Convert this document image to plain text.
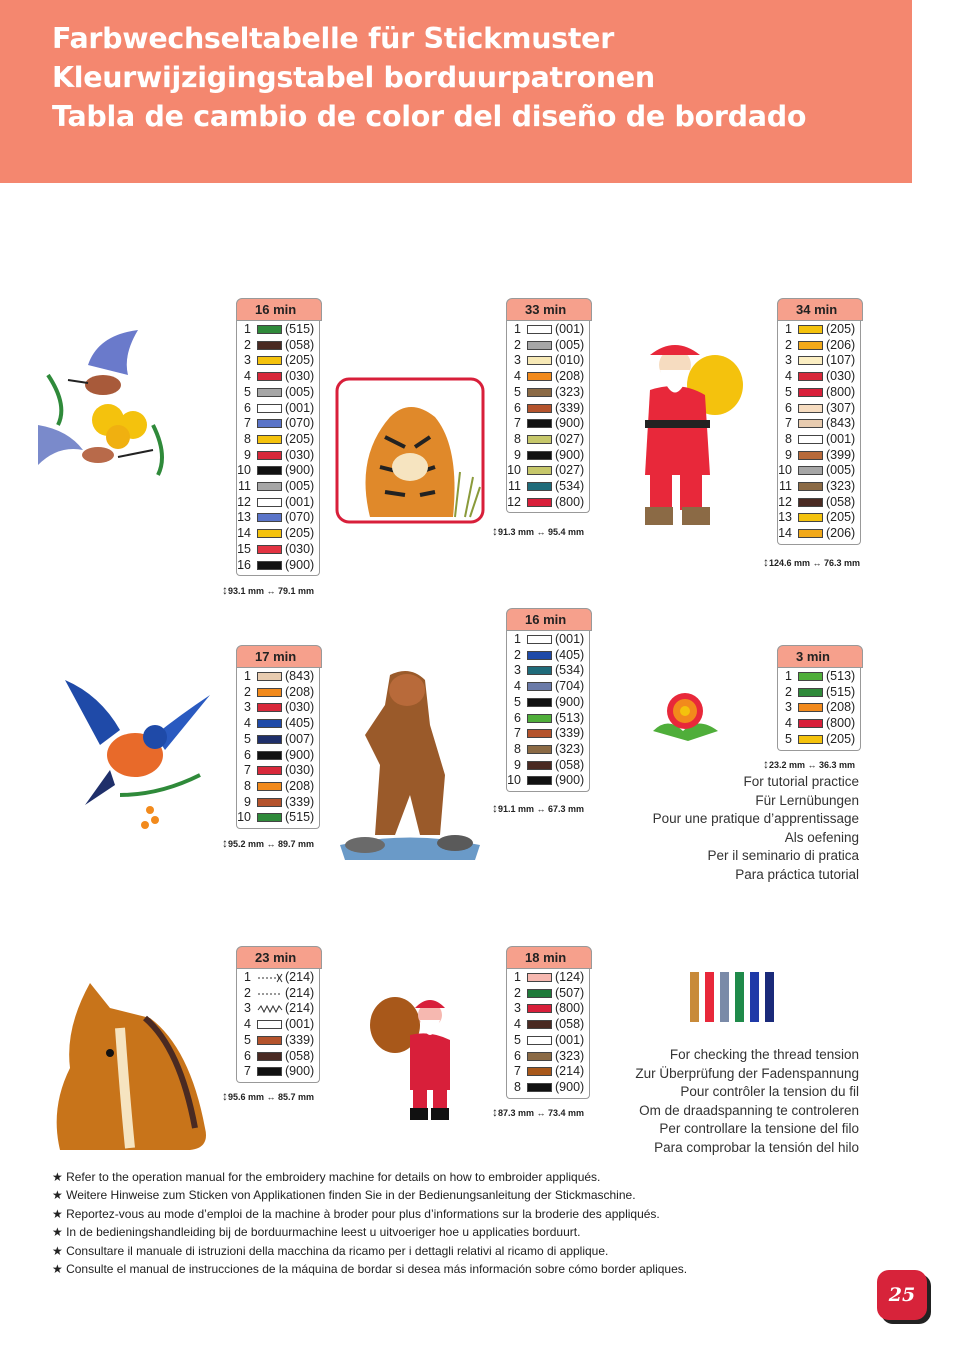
Farbwechseltabelle für Stickmuster
Kleurwijzigingstabel borduurpatronen
Tabla de cambio de color del diseño de bordado
16 min
1	(515)
2	(058)
3	(205)
4	(030)
5	(005)
6	(001)
7	(070)
8	(205)
9	(030)
10	(900)
11	(005)
12	(001)
13	(070)
14	(205)
15	(030)
16	(900)
↕93.1 mm ↔ 79.1 mm
33 min
1	(001)
2	(005)
3	(010)
4	(208)
5	(323)
6	(339)
7	(900)
8	(027)
9	(900)
10	(027)
11	(534)
12	(800)
↕91.3 mm ↔ 95.4 mm
34 min
1	(205)
2	(206)
3	(107)
4	(030)
5	(800)
6	(307)
7	(843)
8	(001)
9	(399)
10	(005)
11	(323)
12	(058)
13	(205)
14	(206)
↕124.6 mm ↔ 76.3 mm
16 min
1	(001)
2	(405)
3	(534)
4	(704)
5	(900)
6	(513)
7	(339)
8	(323)
9	(058)
10	(900)
↕91.1 mm ↔ 67.3 mm
17 min
1	(843)
2	(208)
3	(030)
4	(405)
5	(007)
6	(900)
7	(030)
8	(208)
9	(339)
10	(515)
↕95.2 mm ↔ 89.7 mm
3 min
1	(513)
2	(515)
3	(208)
4	(800)
5	(205)
↕23.2 mm ↔ 36.3 mm
23 min
1	(214)
2	(214)
3	(214)
4	(001)
5	(339)
6	(058)
7	(900)
↕95.6 mm ↔ 85.7 mm
18 min
1	(124)
2	(507)
3	(800)
4	(058)
5	(001)
6	(323)
7	(214)
8	(900)
↕87.3 mm ↔ 73.4 mm
For tutorial practice
Für Lernübungen
Pour une pratique d’apprentissage
Als oefening
Per il seminario di pratica
Para práctica tutorial
For checking the thread tension
Zur Überprüfung der Fadenspannung
Pour contrôler la tension du fil
Om de draadspanning te controleren
Per controllare la tensione del filo
Para comprobar la tensión del hilo
★ Refer to the operation manual for the embroidery machine for details on how to embroider appliqués.
★ Weitere Hinweise zum Sticken von Applikationen finden Sie in der Bedienungsanleitung der Stickmaschine.
★ Reportez-vous au mode d’emploi de la machine à broder pour plus d’informations sur la broderie des appliqués.
★ In de bedieningshandleiding bij de borduurmachine leest u uitvoeriger hoe u applicaties borduurt.
★ Consultare il manuale di istruzioni della macchina da ricamo per i dettagli relativi al ricamo di applique.
★ Consulte el manual de instrucciones de la máquina de bordar si desea más información sobre cómo border apliques.
25
